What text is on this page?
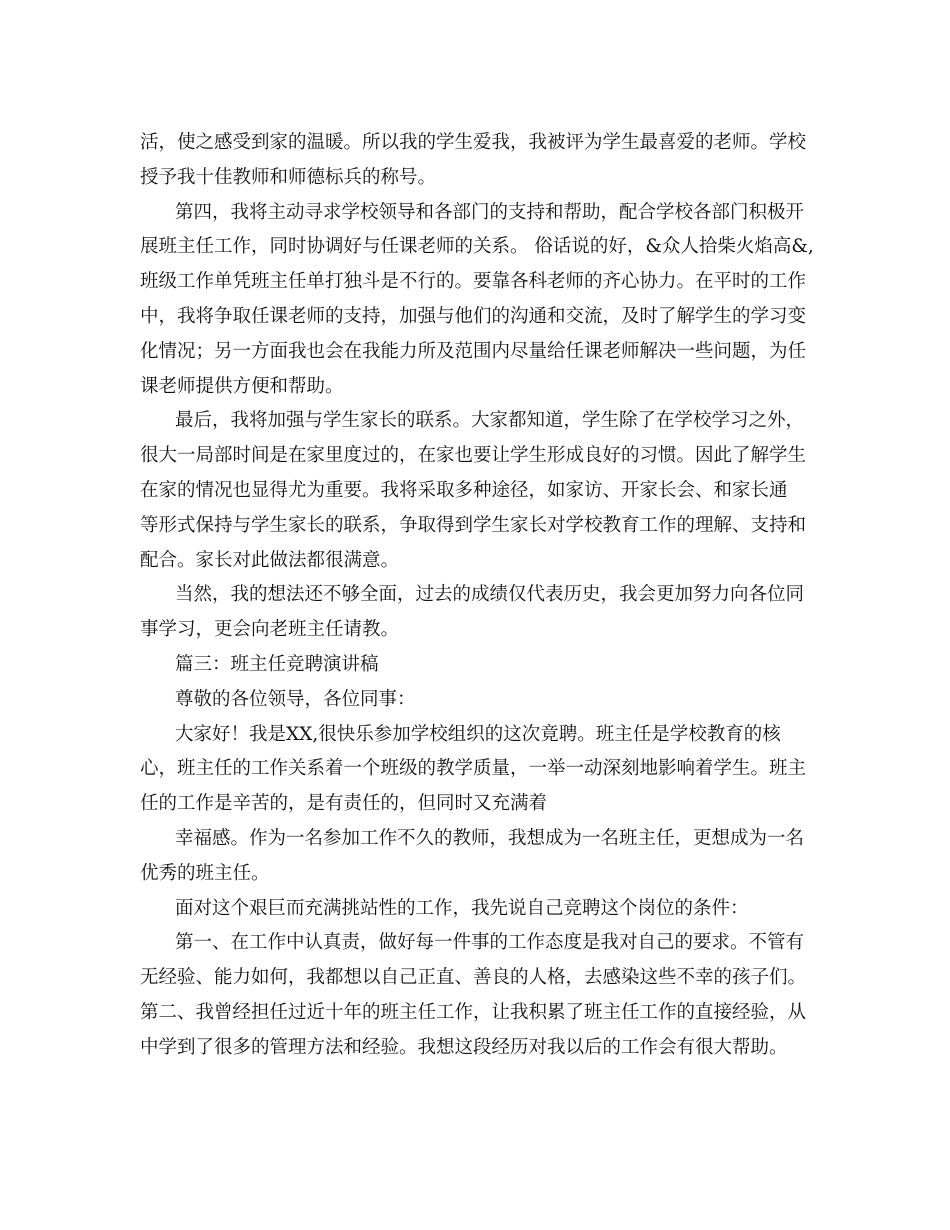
活，使之感受到家的温暖。所以我的学生爱我，我被评为学生最喜爱的老师。学校
授予我十佳教师和师德标兵的称号。
第四，我将主动寻求学校领导和各部门的支持和帮助，配合学校各部门积极开
展班主任工作，同时协调好与任课老师的关系。 俗话说的好，&众人拾柴火焰高&,
班级工作单凭班主任单打独斗是不行的。要靠各科老师的齐心协力。在平时的工作
中，我将争取任课老师的支持，加强与他们的沟通和交流，及时了解学生的学习变
化情况；另一方面我也会在我能力所及范围内尽量给任课老师解决一些问题，为任
课老师提供方便和帮助。
最后，我将加强与学生家长的联系。大家都知道，学生除了在学校学习之外，
很大一局部时间是在家里度过的，在家也要让学生形成良好的习惯。因此了解学生
在家的情况也显得尤为重要。我将采取多种途径，如家访、开家长会、和家长通
等形式保持与学生家长的联系，争取得到学生家长对学校教育工作的理解、支持和
配合。家长对此做法都很满意。
当然，我的想法还不够全面，过去的成绩仅代表历史，我会更加努力向各位同
事学习，更会向老班主任请教。
篇三：班主任竞聘演讲稿
尊敬的各位领导，各位同事：
大家好！我是XX,很快乐参加学校组织的这次竟聘。班主任是学校教育的核
心，班主任的工作关系着一个班级的教学质量，一举一动深刻地影响着学生。班主
任的工作是辛苦的，是有责任的，但同时又充满着
幸福感。作为一名参加工作不久的教师，我想成为一名班主任，更想成为一名
优秀的班主任。
面对这个艰巨而充满挑站性的工作，我先说自己竞聘这个岗位的条件：
第一、在工作中认真责，做好每一件事的工作态度是我对自己的要求。不管有
无经验、能力如何，我都想以自己正直、善良的人格，去感染这些不幸的孩子们。
第二、我曾经担任过近十年的班主任工作，让我积累了班主任工作的直接经验，从
中学到了很多的管理方法和经验。我想这段经历对我以后的工作会有很大帮助。
